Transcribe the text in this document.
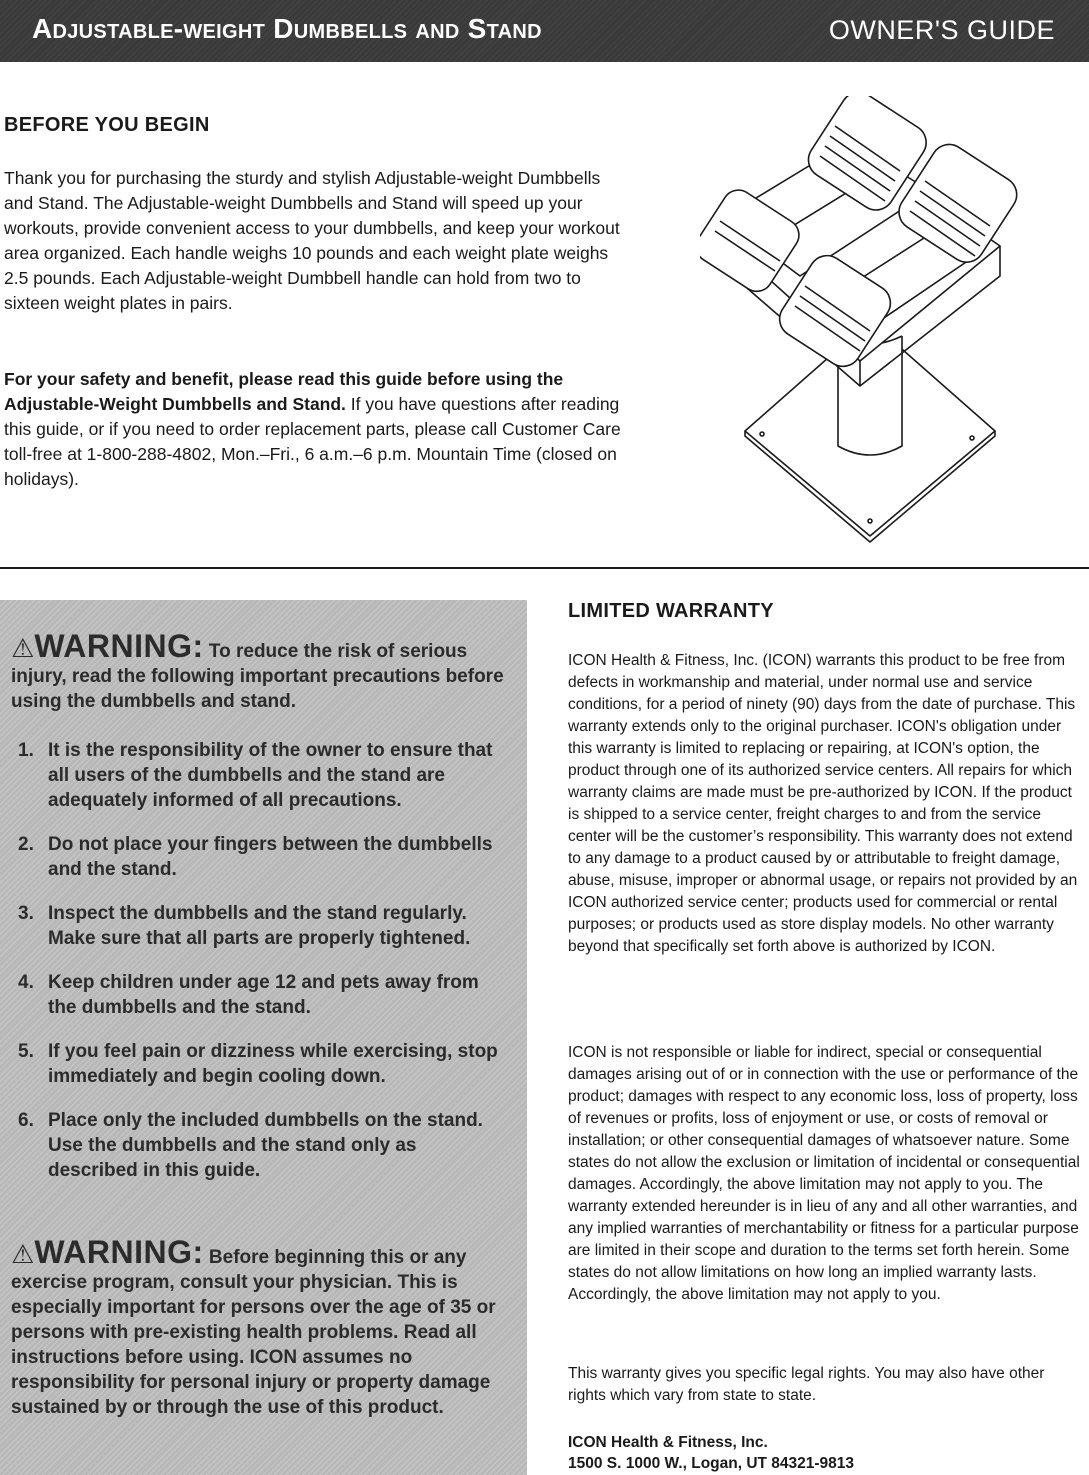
Adjustable-weight Dumbbells and Stand	OWNER'S GUIDE
BEFORE YOU BEGIN

Thank you for purchasing the sturdy and stylish Adjustable-weight Dumbbells and Stand. The Adjustable-weight Dumbbells and Stand will speed up your workouts, provide convenient access to your dumbbells, and keep your workout area organized. Each handle weighs 10 pounds and each weight plate weighs 2.5 pounds. Each Adjustable-weight Dumbbell handle can hold from two to sixteen weight plates in pairs.

For your safety and benefit, please read this guide before using the Adjustable-Weight Dumbbells and Stand. If you have questions after reading this guide, or if you need to order replacement parts, please call Customer Care toll-free at 1-800-288-4802, Mon.–Fri., 6 a.m.–6 p.m. Mountain Time (closed on holidays).

⚠WARNING: To reduce the risk of serious injury, read the following important precautions before using the dumbbells and stand.

1. It is the responsibility of the owner to ensure that all users of the dumbbells and the stand are adequately informed of all precautions.
2. Do not place your fingers between the dumbbells and the stand.
3. Inspect the dumbbells and the stand regularly. Make sure that all parts are properly tightened.
4. Keep children under age 12 and pets away from the dumbbells and the stand.
5. If you feel pain or dizziness while exercising, stop immediately and begin cooling down.
6. Place only the included dumbbells on the stand. Use the dumbbells and the stand only as described in this guide.

⚠WARNING: Before beginning this or any exercise program, consult your physician. This is especially important for persons over the age of 35 or persons with pre-existing health problems. Read all instructions before using. ICON assumes no responsibility for personal injury or property damage sustained by or through the use of this product.

LIMITED WARRANTY

ICON Health & Fitness, Inc. (ICON) warrants this product to be free from defects in workmanship and material, under normal use and service conditions, for a period of ninety (90) days from the date of purchase. This warranty extends only to the original purchaser. ICON's obligation under this warranty is limited to replacing or repairing, at ICON's option, the product through one of its authorized service centers. All repairs for which warranty claims are made must be pre-authorized by ICON. If the product is shipped to a service center, freight charges to and from the service center will be the customer’s responsibility. This warranty does not extend to any damage to a product caused by or attributable to freight damage, abuse, misuse, improper or abnormal usage, or repairs not provided by an ICON authorized service center; products used for commercial or rental purposes; or products used as store display models. No other warranty beyond that specifically set forth above is authorized by ICON.

ICON is not responsible or liable for indirect, special or consequential damages arising out of or in connection with the use or performance of the product; damages with respect to any economic loss, loss of property, loss of revenues or profits, loss of enjoyment or use, or costs of removal or installation; or other consequential damages of whatsoever nature. Some states do not allow the exclusion or limitation of incidental or consequential damages. Accordingly, the above limitation may not apply to you. The warranty extended hereunder is in lieu of any and all other warranties, and any implied warranties of merchantability or fitness for a particular purpose are limited in their scope and duration to the terms set forth herein. Some states do not allow limitations on how long an implied warranty lasts. Accordingly, the above limitation may not apply to you.

This warranty gives you specific legal rights. You may also have other rights which vary from state to state.

ICON Health & Fitness, Inc.
1500 S. 1000 W., Logan, UT 84321-9813
